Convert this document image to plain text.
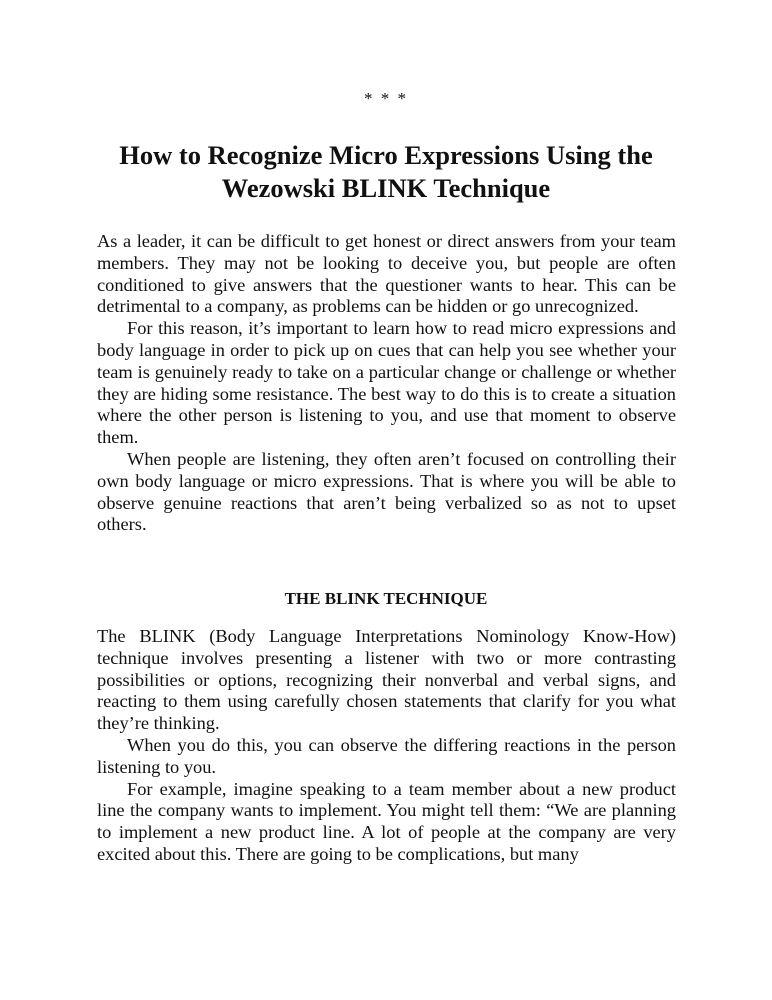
* * *
How to Recognize Micro Expressions Using the Wezowski BLINK Technique

As a leader, it can be difficult to get honest or direct answers from your team members. They may not be looking to deceive you, but people are often conditioned to give answers that the questioner wants to hear. This can be detrimental to a company, as problems can be hidden or go unrecognized.

For this reason, it’s important to learn how to read micro expressions and body language in order to pick up on cues that can help you see whether your team is genuinely ready to take on a particular change or challenge or whether they are hiding some resistance. The best way to do this is to create a situation where the other person is listening to you, and use that moment to observe them.

When people are listening, they often aren’t focused on controlling their own body language or micro expressions. That is where you will be able to observe genuine reactions that aren’t being verbalized so as not to upset others.

THE BLINK TECHNIQUE

The BLINK (Body Language Interpretations Nominology Know-How) technique involves presenting a listener with two or more contrasting possibilities or options, recognizing their nonverbal and verbal signs, and reacting to them using carefully chosen statements that clarify for you what they’re thinking.

When you do this, you can observe the differing reactions in the person listening to you.

For example, imagine speaking to a team member about a new product line the company wants to implement. You might tell them: “We are planning to implement a new product line. A lot of people at the company are very excited about this. There are going to be complications, but many
